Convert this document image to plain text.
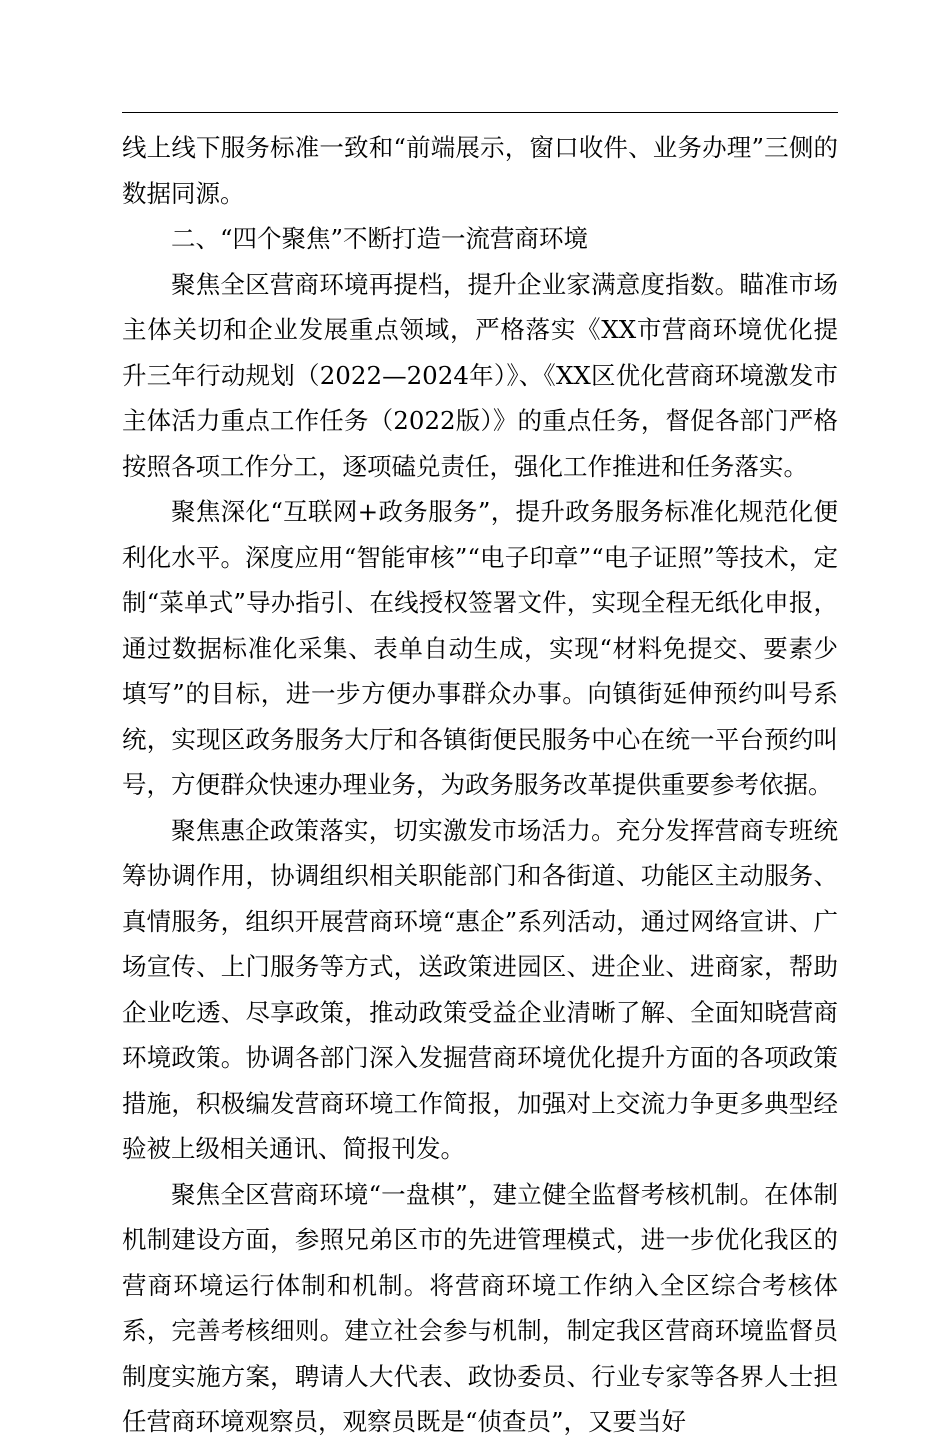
线上线下服务标准一致和“前端展示，窗口收件、业务办理”三侧的数据同源。

二、“四个聚焦”不断打造一流营商环境

聚焦全区营商环境再提档，提升企业家满意度指数。瞄准市场主体关切和企业发展重点领域，严格落实《XX市营商环境优化提升三年行动规划（2022—2024年）》、《XX区优化营商环境激发市主体活力重点工作任务（2022版）》的重点任务，督促各部门严格按照各项工作分工，逐项磕兑责任，强化工作推进和任务落实。

聚焦深化“互联网+政务服务”，提升政务服务标准化规范化便利化水平。深度应用“智能审核”“电子印章”“电子证照”等技术，定制“菜单式”导办指引、在线授权签署文件，实现全程无纸化申报，通过数据标准化采集、表单自动生成，实现“材料免提交、要素少填写”的目标，进一步方便办事群众办事。向镇街延伸预约叫号系统，实现区政务服务大厅和各镇街便民服务中心在统一平台预约叫号，方便群众快速办理业务，为政务服务改革提供重要参考依据。

聚焦惠企政策落实，切实激发市场活力。充分发挥营商专班统筹协调作用，协调组织相关职能部门和各街道、功能区主动服务、真情服务，组织开展营商环境“惠企”系列活动，通过网络宣讲、广场宣传、上门服务等方式，送政策进园区、进企业、进商家，帮助企业吃透、尽享政策，推动政策受益企业清晰了解、全面知晓营商环境政策。协调各部门深入发掘营商环境优化提升方面的各项政策措施，积极编发营商环境工作简报，加强对上交流力争更多典型经验被上级相关通讯、简报刊发。

聚焦全区营商环境“一盘棋”，建立健全监督考核机制。在体制机制建设方面，参照兄弟区市的先进管理模式，进一步优化我区的营商环境运行体制和机制。将营商环境工作纳入全区综合考核体系，完善考核细则。建立社会参与机制，制定我区营商环境监督员制度实施方案，聘请人大代表、政协委员、行业专家等各界人士担任营商环境观察员，观察员既是“侦查员”，又要当好
